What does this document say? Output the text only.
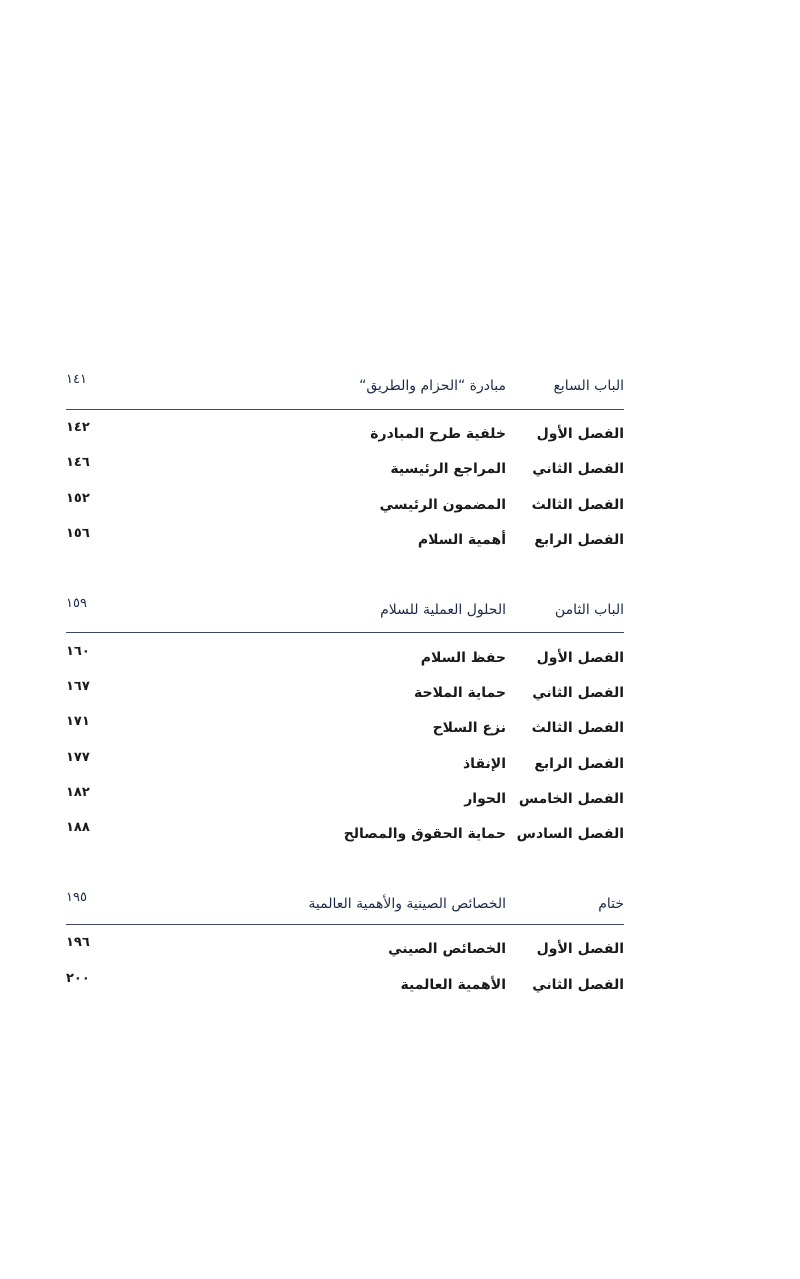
الباب السابع
مبادرة “الحزام والطريق“
١٤١
الفصل الأول
خلفية طرح المبادرة
١٤٢
الفصل الثاني
المراجع الرئيسية
١٤٦
الفصل الثالث
المضمون الرئيسي
١٥٢
الفصل الرابع
أهمية السلام
١٥٦
الباب الثامن
الحلول العملية للسلام
١٥٩
الفصل الأول
حفظ السلام
١٦٠
الفصل الثاني
حماية الملاحة
١٦٧
الفصل الثالث
نزع السلاح
١٧١
الفصل الرابع
الإنقاذ
١٧٧
الفصل الخامس
الحوار
١٨٢
الفصل السادس
حماية الحقوق والمصالح
١٨٨
ختام
الخصائص الصينية والأهمية العالمية
١٩٥
الفصل الأول
الخصائص الصيني
١٩٦
الفصل الثاني
الأهمية العالمية
٢٠٠
